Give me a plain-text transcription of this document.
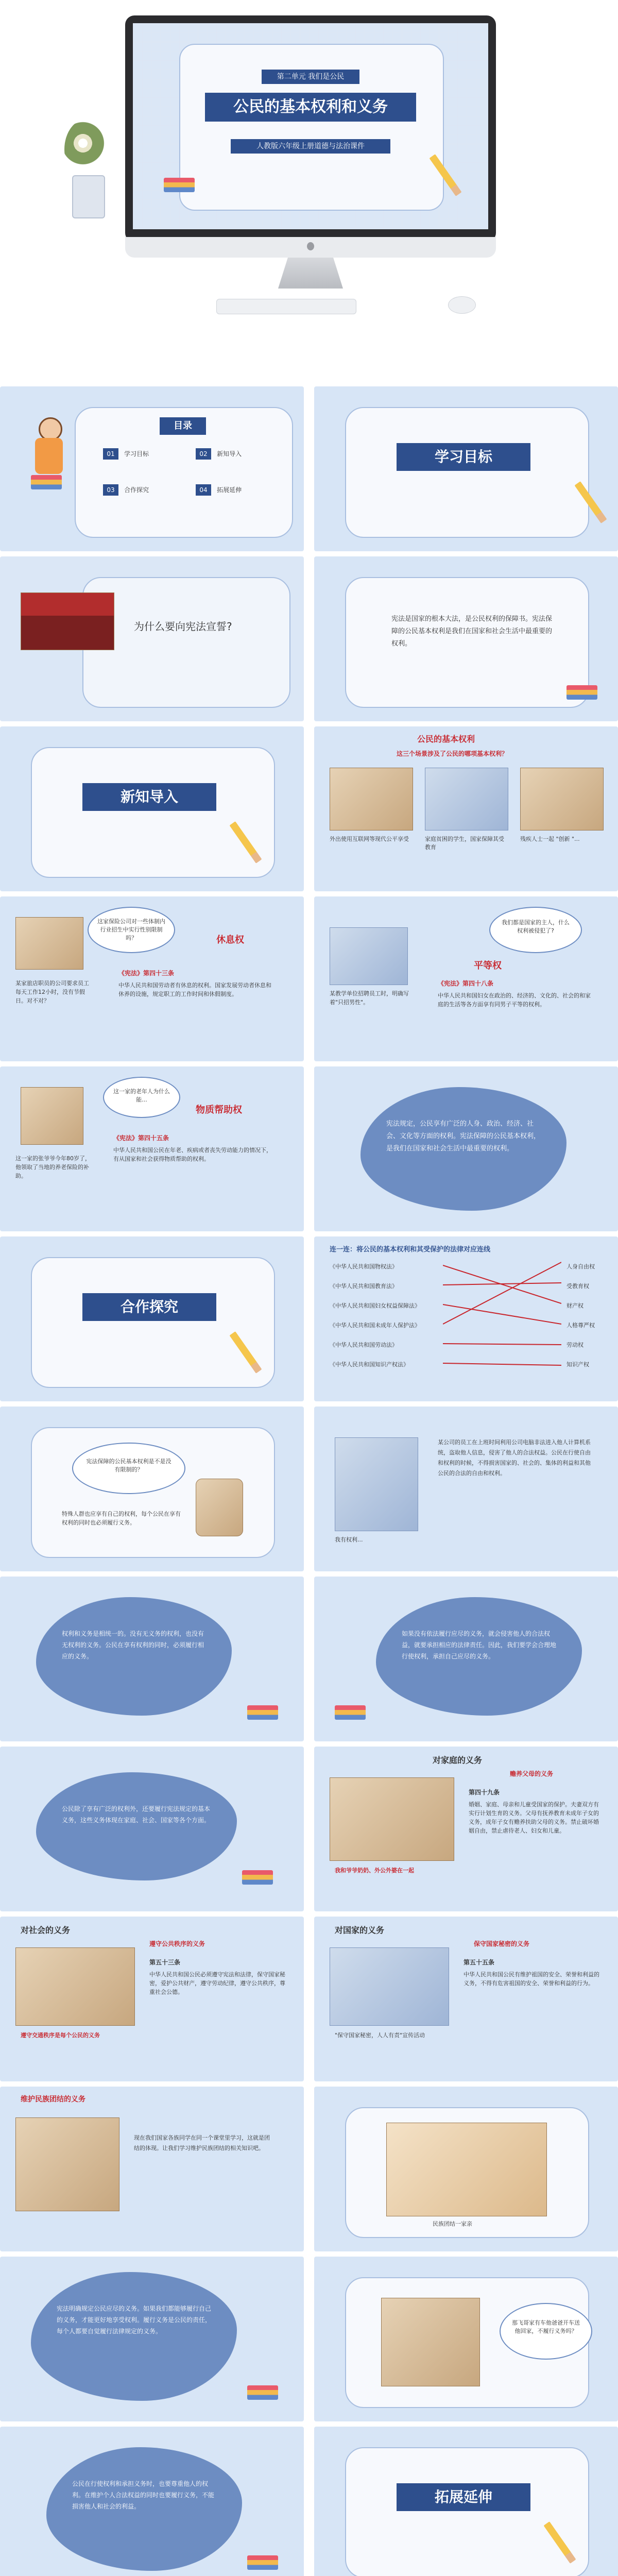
第二单元 我们是公民
公民的基本权利和义务
人教版六年级上册道德与法治课件
目录
01 学习目标	02 新知导入
03 合作探究	04 拓展延伸
学习目标
为什么要向宪法宣誓?
宪法是国家的根本大法，是公民权利的保障书。宪法保障的公民基本权利是我们在国家和社会生活中最重要的权利。
新知导入
公民的基本权利
这三个场景涉及了公民的哪项基本权利？
外出使用互联网等现代公平享受	家庭贫困的学生，国家保障其受教育
残疾人士一起 "创新 "...
这家保险公司对一些体制内行业招生中实行性别限制吗？	休息权
某家旅店职员的公司要求员工每天工作12小时，没有节假日。对不对？
《宪法》第四十三条
中华人民共和国劳动者有休息的权利。国家发展劳动者休息和休养的设施，规定职工的工作时间和休假制度。	某教学单位招聘员工时，明确写着"只招男性"。
我们都是国家的主人，什么权利被侵犯了?
平等权
《宪法》第四十八条
中华人民共和国妇女在政治的、经济的、文化的、社会的和家庭的生活等各方面享有同男子平等的权利。
这一家的老年人为什么能...
物质帮助权
这一家的张爷爷今年80岁了，他领取了当地的养老保险的补助。
《宪法》第四十五条
中华人民共和国公民在年老、疾病或者丧失劳动能力的情况下，有从国家和社会获得物质帮助的权利。
宪法规定，公民享有广泛的人身、政治、经济、社会、文化等方面的权利。宪法保障的公民基本权利，是我们在国家和社会生活中最重要的权利。
合作探究
连一连：将公民的基本权利和其受保护的法律对应连线
《中华人民共和国物权法》
《中华人民共和国教育法》
《中华人民共和国妇女权益保障法》
《中华人民共和国未成年人保护法》
《中华人民共和国劳动法》
《中华人民共和国知识产权法》
人身自由权
受教育权
财产权
人格尊严权
劳动权
知识产权
宪法保障的公民基本权利是不是没有限制的？
特殊人群也应享有自己的权利，每个公民在享有权利的同时也必须履行义务。
我有权利...
某公司的员工在上班时间利用公司电脑非法进入他人计算机系统，盗取他人信息，侵害了他人的合法权益。公民在行使自由和权利的时候，不得损害国家的、社会的、集体的利益和其他公民的合法的自由和权利。
权利和义务是相统一的。没有无义务的权利，也没有无权利的义务。公民在享有权利的同时，必须履行相应的义务。
如果没有依法履行应尽的义务，就会侵害他人的合法权益，就要承担相应的法律责任。因此，我们要学会合理地行使权利，承担自己应尽的义务。
公民除了享有广泛的权利外，还要履行宪法规定的基本义务，这些义务体现在家庭、社会、国家等各个方面。
对家庭的义务
赡养父母的义务
我和爷爷奶奶、外公外婆在一起
第四十九条
婚姻、家庭、母亲和儿童受国家的保护。夫妻双方有实行计划生育的义务。父母有抚养教育未成年子女的义务，成年子女有赡养扶助父母的义务。禁止破坏婚姻自由，禁止虐待老人、妇女和儿童。
对社会的义务
遵守公共秩序的义务
遵守交通秩序是每个公民的义务
第五十三条
中华人民共和国公民必须遵守宪法和法律，保守国家秘密，爱护公共财产，遵守劳动纪律，遵守公共秩序，尊重社会公德。
对国家的义务
保守国家秘密的义务
"保守国家秘密，人人有责"宣传活动
第五十五条
中华人民共和国公民有维护祖国的安全、荣誉和利益的义务，不得有危害祖国的安全、荣誉和利益的行为。
维护民族团结的义务
现在我们国家各族同学在同一个课堂里学习，这就是团结的体现。让我们学习维护民族团结的相关知识吧。
民族团结一家亲
宪法明确规定公民应尽的义务。如果我们都能够履行自己的义务，才能更好地享受权利。履行义务是公民的责任，每个人都要自觉履行法律规定的义务。
那飞哥家有车他爸爸开车送他回家，不履行义务吗？
公民在行使权利和承担义务时，也要尊重他人的权利。在维护个人合法权益的同时也要履行义务，不能损害他人和社会的利益。
拓展延伸
